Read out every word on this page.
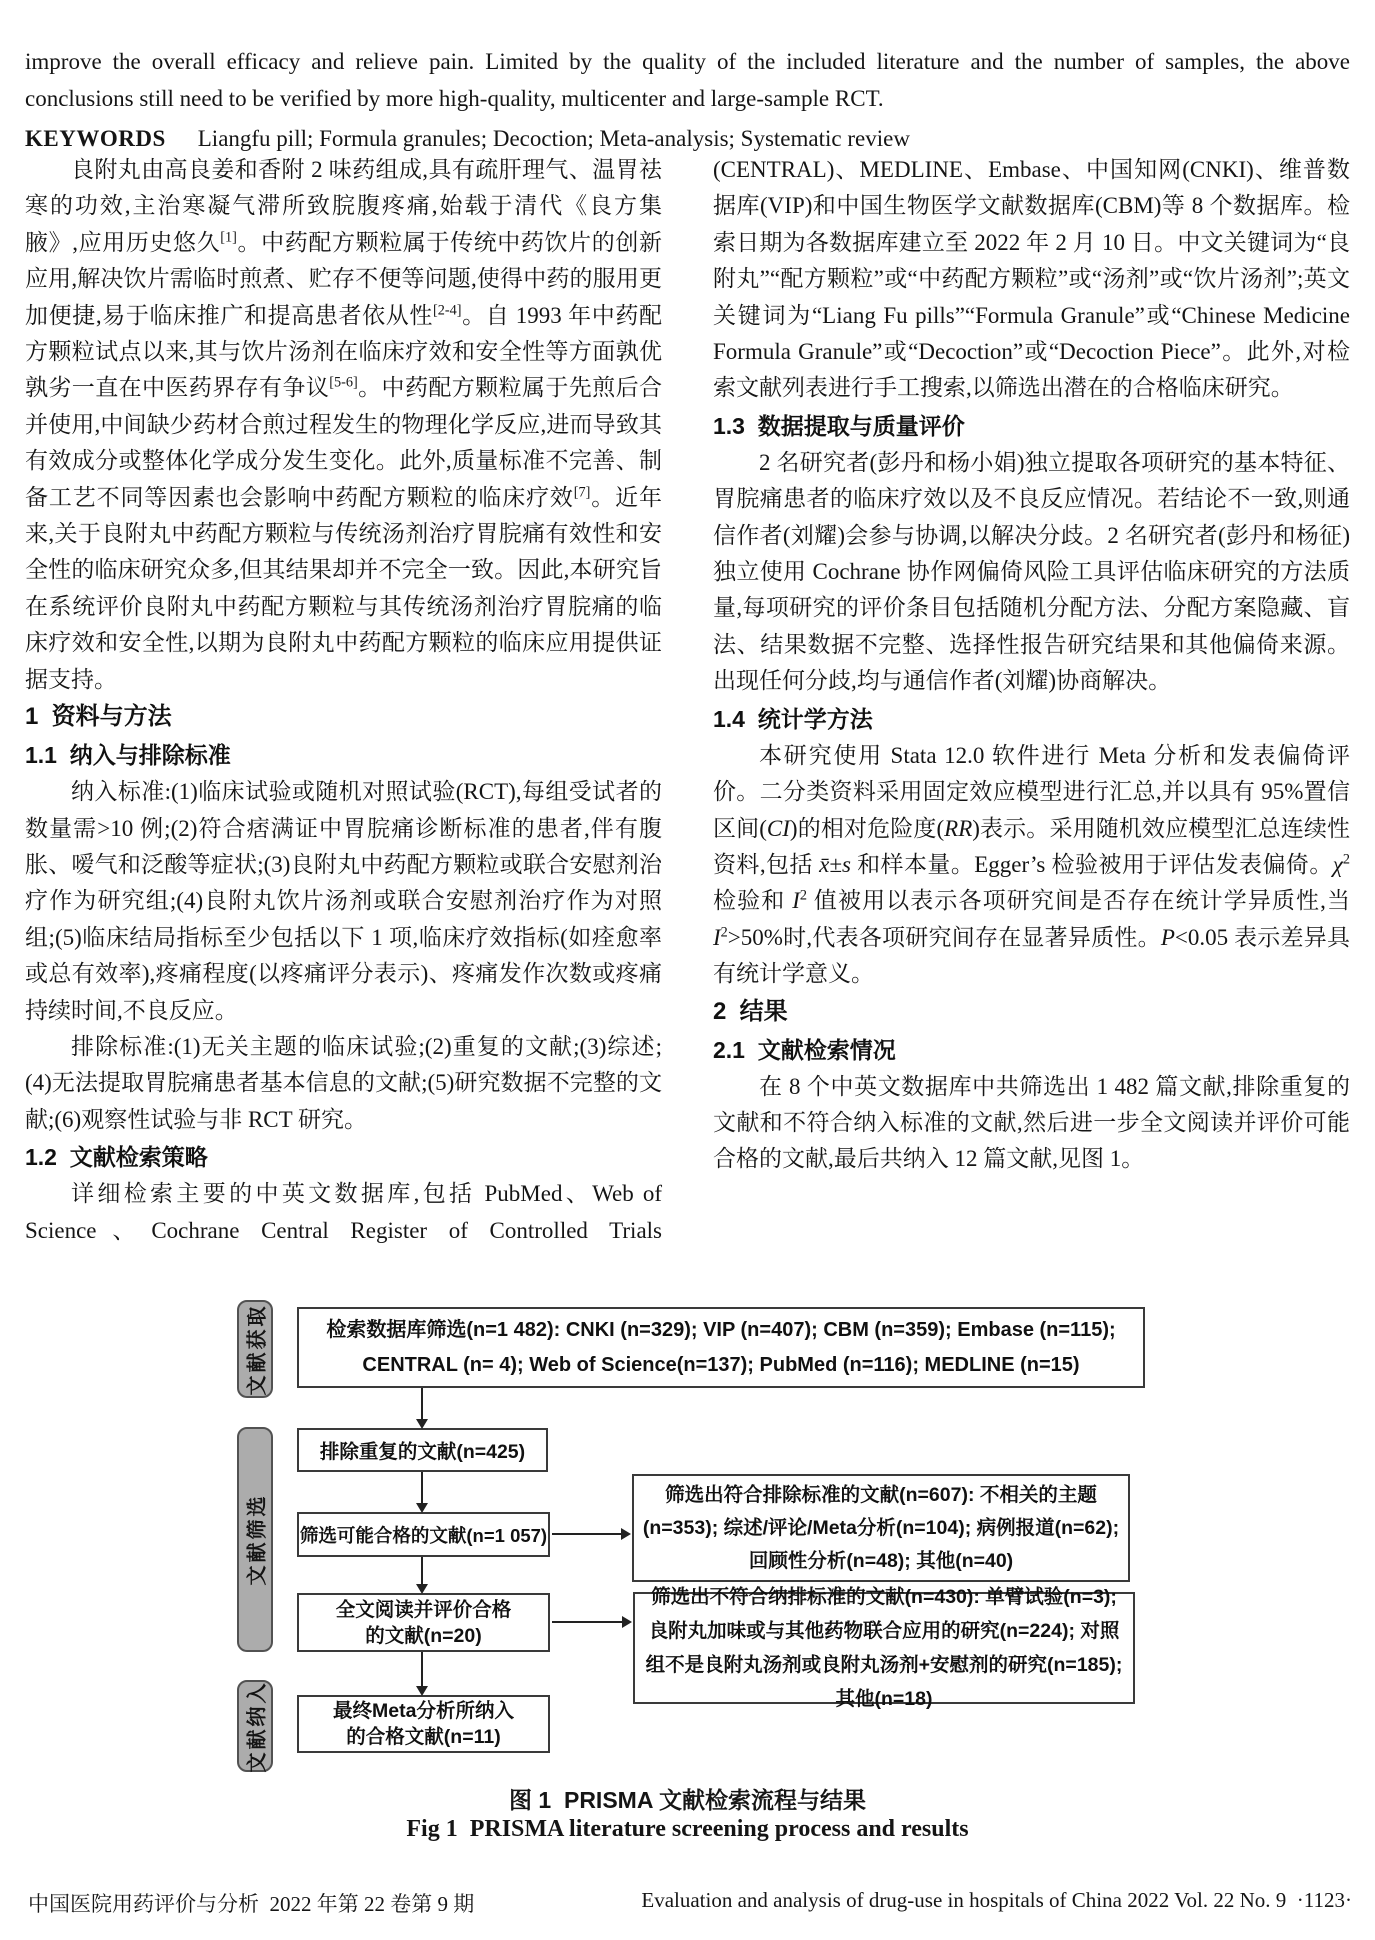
improve the overall efficacy and relieve pain. Limited by the quality of the included literature and the number of samples, the above conclusions still need to be verified by more high-quality, multicenter and large-sample RCT.

KEYWORDS Liangfu pill; Formula granules; Decoction; Meta-analysis; Systematic review

良附丸由高良姜和香附 2 味药组成,具有疏肝理气、温胃祛寒的功效,主治寒凝气滞所致脘腹疼痛,始载于清代《良方集腋》,应用历史悠久[1]。中药配方颗粒属于传统中药饮片的创新应用,解决饮片需临时煎煮、贮存不便等问题,使得中药的服用更加便捷,易于临床推广和提高患者依从性[2-4]。自 1993 年中药配方颗粒试点以来,其与饮片汤剂在临床疗效和安全性等方面孰优孰劣一直在中医药界存有争议[5-6]。中药配方颗粒属于先煎后合并使用,中间缺少药材合煎过程发生的物理化学反应,进而导致其有效成分或整体化学成分发生变化。此外,质量标准不完善、制备工艺不同等因素也会影响中药配方颗粒的临床疗效[7]。近年来,关于良附丸中药配方颗粒与传统汤剂治疗胃脘痛有效性和安全性的临床研究众多,但其结果却并不完全一致。因此,本研究旨在系统评价良附丸中药配方颗粒与其传统汤剂治疗胃脘痛的临床疗效和安全性,以期为良附丸中药配方颗粒的临床应用提供证据支持。

1  资料与方法
1.1  纳入与排除标准

纳入标准:(1)临床试验或随机对照试验(RCT),每组受试者的数量需>10 例;(2)符合痞满证中胃脘痛诊断标准的患者,伴有腹胀、嗳气和泛酸等症状;(3)良附丸中药配方颗粒或联合安慰剂治疗作为研究组;(4)良附丸饮片汤剂或联合安慰剂治疗作为对照组;(5)临床结局指标至少包括以下 1 项,临床疗效指标(如痊愈率或总有效率),疼痛程度(以疼痛评分表示)、疼痛发作次数或疼痛持续时间,不良反应。

排除标准:(1)无关主题的临床试验;(2)重复的文献;(3)综述;(4)无法提取胃脘痛患者基本信息的文献;(5)研究数据不完整的文献;(6)观察性试验与非 RCT 研究。

1.2  文献检索策略

详细检索主要的中英文数据库,包括 PubMed、Web of Science、Cochrane Central Register of Controlled Trials

(CENTRAL)、MEDLINE、Embase、中国知网(CNKI)、维普数据库(VIP)和中国生物医学文献数据库(CBM)等 8 个数据库。检索日期为各数据库建立至 2022 年 2 月 10 日。中文关键词为“良附丸”“配方颗粒”或“中药配方颗粒”或“汤剂”或“饮片汤剂”;英文关键词为“Liang Fu pills”“Formula Granule”或“Chinese Medicine Formula Granule”或“Decoction”或“Decoction Piece”。此外,对检索文献列表进行手工搜索,以筛选出潜在的合格临床研究。

1.3  数据提取与质量评价

2 名研究者(彭丹和杨小娟)独立提取各项研究的基本特征、胃脘痛患者的临床疗效以及不良反应情况。若结论不一致,则通信作者(刘耀)会参与协调,以解决分歧。2 名研究者(彭丹和杨征)独立使用 Cochrane 协作网偏倚风险工具评估临床研究的方法质量,每项研究的评价条目包括随机分配方法、分配方案隐藏、盲法、结果数据不完整、选择性报告研究结果和其他偏倚来源。出现任何分歧,均与通信作者(刘耀)协商解决。

1.4  统计学方法

本研究使用 Stata 12.0 软件进行 Meta 分析和发表偏倚评价。二分类资料采用固定效应模型进行汇总,并以具有 95%置信区间(CI)的相对危险度(RR)表示。采用随机效应模型汇总连续性资料,包括 x̄±s 和样本量。Egger’s 检验被用于评估发表偏倚。$\chi^2$ 检验和 $I^2$ 值被用以表示各项研究间是否存在统计学异质性,当 $I^2>50\%$时,代表各项研究间存在显著异质性。P<0.05 表示差异具有统计学意义。

2  结果
2.1  文献检索情况

在 8 个中英文数据库中共筛选出 1 482 篇文献,排除重复的文献和不符合纳入标准的文献,然后进一步全文阅读并评价可能合格的文献,最后共纳入 12 篇文献,见图 1。

文献获取
文献筛选
文献纳入
检索数据库筛选(n=1 482): CNKI (n=329); VIP (n=407); CBM (n=359); Embase (n=115);
CENTRAL (n= 4); Web of Science(n=137); PubMed (n=116); MEDLINE (n=15)
排除重复的文献(n=425)
筛选可能合格的文献(n=1 057)
全文阅读并评价合格
的文献(n=20)
最终Meta分析所纳入
的合格文献(n=11)
筛选出符合排除标准的文献(n=607): 不相关的主题(n=353); 综述/评论/Meta分析(n=104); 病例报道(n=62); 回顾性分析(n=48); 其他(n=40)
筛选出不符合纳排标准的文献(n=430): 单臂试验(n=3); 良附丸加味或与其他药物联合应用的研究(n=224); 对照组不是良附丸汤剂或良附丸汤剂+安慰剂的研究(n=185); 其他(n=18)
图 1  PRISMA 文献检索流程与结果
Fig 1  PRISMA literature screening process and results
中国医院用药评价与分析  2022 年第 22 卷第 9 期	Evaluation and analysis of drug-use in hospitals of China 2022 Vol. 22 No. 9  ·1123·
